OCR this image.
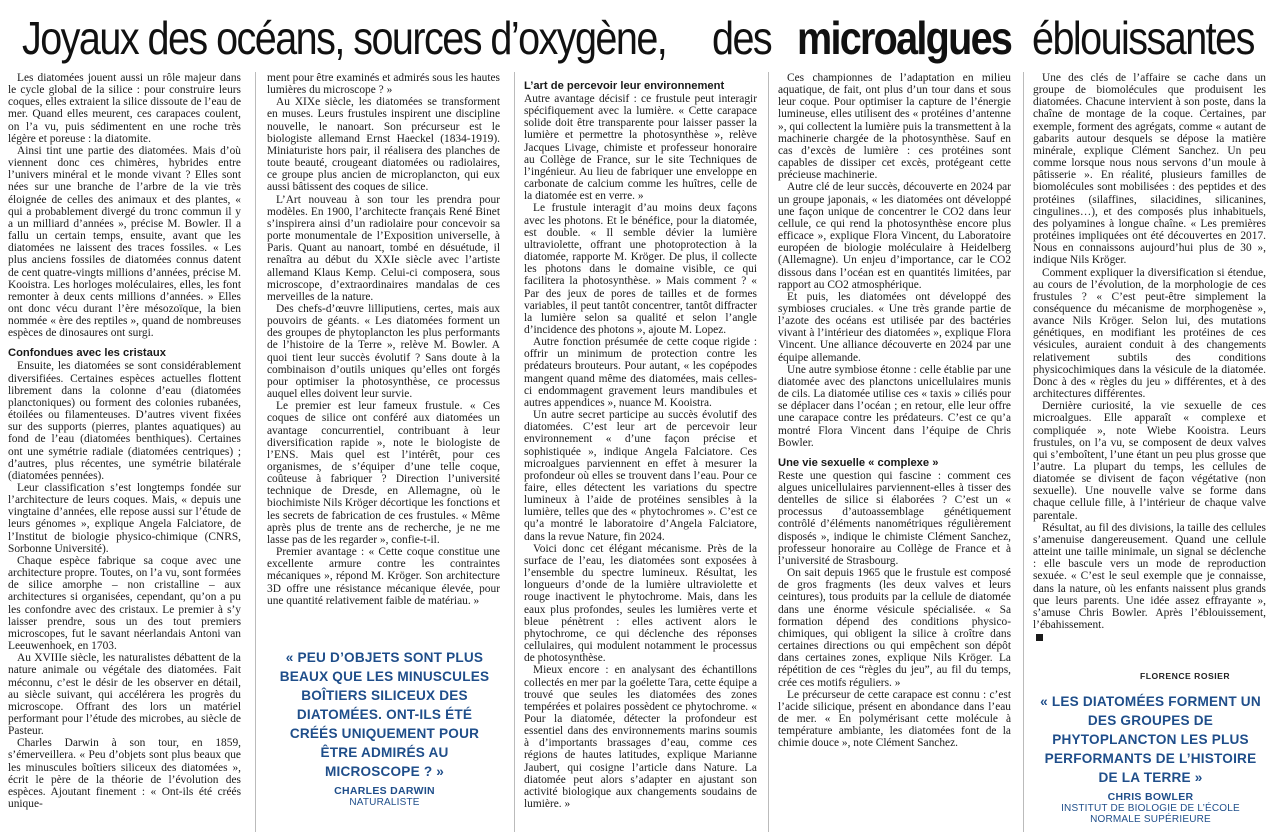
Joyaux des océans, sources d’oxygène, des microalgues éblouissantes

Les diatomées jouent aussi un rôle majeur dans le cycle global de la silice : pour construire leurs coques, elles extraient la silice dissoute de l’eau de mer. Quand elles meurent, ces carapaces coulent, on l’a vu, puis sédimentent en une roche très légère et poreuse : la diatomite.

Ainsi tint une partie des diatomées. Mais d’où viennent donc ces chimères, hybrides entre l’univers minéral et le monde vivant ? Elles sont nées sur une branche de l’arbre de la vie très éloignée de celles des animaux et des plantes, « qui a probablement divergé du tronc commun il y a un milliard d’années », précise M. Bowler. Il a fallu un certain temps, ensuite, avant que les diatomées ne laissent des traces fossiles. « Les plus anciens fossiles de diatomées connus datent de cent quatre-vingts millions d’années, précise M. Kooistra. Les horloges moléculaires, elles, les font remonter à deux cents millions d’années. » Elles ont donc vécu durant l’ère mésozoïque, la bien nommée « ère des reptiles », quand de nombreuses espèces de dinosaures ont surgi.

Confondues avec les cristaux

Ensuite, les diatomées se sont considérablement diversifiées. Certaines espèces actuelles flottent librement dans la colonne d’eau (diatomées planctoniques) ou forment des colonies rubanées, étoilées ou filamenteuses. D’autres vivent fixées sur des supports (pierres, plantes aquatiques) au fond de l’eau (diatomées benthiques). Certaines ont une symétrie radiale (diatomées centriques) ; d’autres, plus récentes, une symétrie bilatérale (diatomées pennées).

Leur classification s’est longtemps fondée sur l’architecture de leurs coques. Mais, « depuis une vingtaine d’années, elle repose aussi sur l’étude de leurs génomes », explique Angela Falciatore, de l’Institut de biologie physico-chimique (CNRS, Sorbonne Université).

Chaque espèce fabrique sa coque avec une architecture propre. Toutes, on l’a vu, sont formées de silice amorphe – non cristalline – aux architectures si organisées, cependant, qu’on a pu les confondre avec des cristaux. Le premier à s’y laisser prendre, sous un des tout premiers microscopes, fut le savant néerlandais Antoni van Leeuwenhoek, en 1703.

Au XVIIIe siècle, les naturalistes débattent de la nature animale ou végétale des diatomées. Fait méconnu, c’est le désir de les observer en détail, au siècle suivant, qui accélérera les progrès du microscope. Offrant des lors un matériel performant pour l’étude des microbes, au siècle de Pasteur.

Charles Darwin à son tour, en 1859, s’émerveillera. « Peu d’objets sont plus beaux que les minuscules boîtiers siliceux des diatomées », écrit le père de la théorie de l’évolution des espèces. Ajoutant finement : « Ont-ils été créés unique-

ment pour être examinés et admirés sous les hautes lumières du microscope ? »

Au XIXe siècle, les diatomées se transforment en muses. Leurs frustules inspirent une discipline nouvelle, le nanoart. Son précurseur est le biologiste allemand Ernst Haeckel (1834-1919). Miniaturiste hors pair, il réalisera des planches de toute beauté, crougeant diatomées ou radiolaires, ce groupe plus ancien de microplancton, qui eux aussi bâtissent des coques de silice.

L’Art nouveau à son tour les prendra pour modèles. En 1900, l’architecte français René Binet s’inspirera ainsi d’un radiolaire pour concevoir sa porte monumentale de l’Exposition universelle, à Paris. Quant au nanoart, tombé en désuétude, il renaîtra au début du XXIe siècle avec l’artiste allemand Klaus Kemp. Celui-ci composera, sous microscope, d’extraordinaires mandalas de ces merveilles de la nature.

Des chefs-d’œuvre lilliputiens, certes, mais aux pouvoirs de géants. « Les diatomées forment un des groupes de phytoplancton les plus performants de l’histoire de la Terre », relève M. Bowler. A quoi tient leur succès évolutif ? Sans doute à la combinaison d’outils uniques qu’elles ont forgés pour optimiser la photosynthèse, ce processus auquel elles doivent leur survie.

Le premier est leur fameux frustule. « Ces coques de silice ont conféré aux diatomées un avantage concurrentiel, contribuant à leur diversification rapide », note le biologiste de l’ENS. Mais quel est l’intérêt, pour ces organismes, de s’équiper d’une telle coque, coûteuse à fabriquer ? Direction l’université technique de Dresde, en Allemagne, où le biochimiste Nils Kröger décortique les fonctions et les secrets de fabrication de ces frustules. « Même après plus de trente ans de recherche, je ne me lasse pas de les regarder », confie-t-il.

Premier avantage : « Cette coque constitue une excellente armure contre les contraintes mécaniques », répond M. Kröger. Son architecture 3D offre une résistance mécanique élevée, pour une quantité relativement faible de matériau. »

« PEU D’OBJETS SONT PLUS BEAUX QUE LES MINUSCULES BOÎTIERS SILICEUX DES DIATOMÉES. ONT-ILS ÉTÉ CRÉÉS UNIQUEMENT POUR ÊTRE ADMIRÉS AU MICROSCOPE ? »
CHARLES DARWIN
NATURALISTE
L’art de percevoir leur environnement

Autre avantage décisif : ce frustule peut interagir spécifiquement avec la lumière. « Cette carapace solide doit être transparente pour laisser passer la lumière et permettre la photosynthèse », relève Jacques Livage, chimiste et professeur honoraire au Collège de France, sur le site Techniques de l’ingénieur. Au lieu de fabriquer une enveloppe en carbonate de calcium comme les huîtres, celle de la diatomée est en verre. »

Le frustule interagit d’au moins deux façons avec les photons. Et le bénéfice, pour la diatomée, est double. « Il semble dévier la lumière ultraviolette, offrant une photoprotection à la diatomée, rapporte M. Kröger. De plus, il collecte les photons dans le domaine visible, ce qui facilitera la photosynthèse. » Mais comment ? « Par des jeux de pores de tailles et de formes variables, il peut tantôt concentrer, tantôt diffracter la lumière selon sa qualité et selon l’angle d’incidence des photons », ajoute M. Lopez.

Autre fonction présumée de cette coque rigide : offrir un minimum de protection contre les prédateurs brouteurs. Pour autant, « les copépodes mangent quand même des diatomées, mais celles-ci endommagent gravement leurs mandibules et autres appendices », nuance M. Kooistra.

Un autre secret participe au succès évolutif des diatomées. C’est leur art de percevoir leur environnement « d’une façon précise et sophistiquée », indique Angela Falciatore. Ces microalgues parviennent en effet à mesurer la profondeur où elles se trouvent dans l’eau. Pour ce faire, elles détectent les variations du spectre lumineux à l’aide de protéines sensibles à la lumière, telles que des « phytochromes ». C’est ce qu’a montré le laboratoire d’Angela Falciatore, dans la revue Nature, fin 2024.

Voici donc cet élégant mécanisme. Près de la surface de l’eau, les diatomées sont exposées à l’ensemble du spectre lumineux. Résultat, les longueurs d’onde de la lumière ultraviolette et rouge inactivent le phytochrome. Mais, dans les eaux plus profondes, seules les lumières verte et bleue pénètrent : elles activent alors le phytochrome, ce qui déclenche des réponses cellulaires, qui modulent notamment le processus de photosynthèse.

Mieux encore : en analysant des échantillons collectés en mer par la goélette Tara, cette équipe a trouvé que seules les diatomées des zones tempérées et polaires possèdent ce phytochrome. « Pour la diatomée, détecter la profondeur est essentiel dans des environnements marins soumis à d’importants brassages d’eau, comme ces régions de hautes latitudes, explique Marianne Jaubert, qui cosigne l’article dans Nature. La diatomée peut alors s’adapter en ajustant son activité biologique aux changements soudains de lumière. »

Ces championnes de l’adaptation en milieu aquatique, de fait, ont plus d’un tour dans et sous leur coque. Pour optimiser la capture de l’énergie lumineuse, elles utilisent des « protéines d’antenne », qui collectent la lumière puis la transmettent à la machinerie chargée de la photosynthèse. Sauf en cas d’excès de lumière : ces protéines sont capables de dissiper cet excès, protégeant cette précieuse machinerie.

Autre clé de leur succès, découverte en 2024 par un groupe japonais, « les diatomées ont développé une façon unique de concentrer le CO2 dans leur cellule, ce qui rend la photosynthèse encore plus efficace », explique Flora Vincent, du Laboratoire européen de biologie moléculaire à Heidelberg (Allemagne). Un enjeu d’importance, car le CO2 dissous dans l’océan est en quantités limitées, par rapport au CO2 atmosphérique.

Et puis, les diatomées ont développé des symbioses cruciales. « Une très grande partie de l’azote des océans est utilisée par des bactéries vivant à l’intérieur des diatomées », explique Flora Vincent. Une alliance découverte en 2024 par une équipe allemande.

Une autre symbiose étonne : celle établie par une diatomée avec des planctons unicellulaires munis de cils. La diatomée utilise ces « taxis » ciliés pour se déplacer dans l’océan ; en retour, elle leur offre une carapace contre les prédateurs. C’est ce qu’a montré Flora Vincent dans l’équipe de Chris Bowler.

Une vie sexuelle « complexe »

Reste une question qui fascine : comment ces algues unicellulaires parviennent-elles à tisser des dentelles de silice si élaborées ? C’est un « processus d’autoassemblage génétiquement contrôlé d’éléments nanométriques régulièrement disposés », indique le chimiste Clément Sanchez, professeur honoraire au Collège de France et à l’université de Strasbourg.

On sait depuis 1965 que le frustule est composé de gros fragments (les deux valves et leurs ceintures), tous produits par la cellule de diatomée dans une énorme vésicule spécialisée. « Sa formation dépend des conditions physico-chimiques, qui obligent la silice à croître dans certaines directions ou qui empêchent son dépôt dans certaines zones, explique Nils Kröger. La répétition de ces “règles du jeu”, au fil du temps, crée ces motifs réguliers. »

Le précurseur de cette carapace est connu : c’est l’acide silicique, présent en abondance dans l’eau de mer. « En polymérisant cette molécule à température ambiante, les diatomées font de la chimie douce », note Clément Sanchez.

Une des clés de l’affaire se cache dans un groupe de biomolécules que produisent les diatomées. Chacune intervient à son poste, dans la chaîne de montage de la coque. Certaines, par exemple, forment des agrégats, comme « autant de gabarits autour desquels se dépose la matière minérale, explique Clément Sanchez. Un peu comme lorsque nous nous servons d’un moule à pâtisserie ». En réalité, plusieurs familles de biomolécules sont mobilisées : des peptides et des protéines (silaffines, silacidines, silicanines, cingulines…), et des composés plus inhabituels, des polyamines à longue chaîne. « Les premières protéines impliquées ont été découvertes en 2017. Nous en connaissons aujourd’hui plus de 30 », indique Nils Kröger.

Comment expliquer la diversification si étendue, au cours de l’évolution, de la morphologie de ces frustules ? « C’est peut-être simplement la conséquence du mécanisme de morphogenèse », avance Nils Kröger. Selon lui, des mutations génétiques, en modifiant les protéines de ces vésicules, auraient conduit à des changements relativement subtils des conditions physicochimiques dans la vésicule de la diatomée. Donc à des « règles du jeu » différentes, et à des architectures différentes.

Dernière curiosité, la vie sexuelle de ces microalgues. Elle apparaît « complexe et compliquée », note Wiebe Kooistra. Leurs frustules, on l’a vu, se composent de deux valves qui s’emboîtent, l’une étant un peu plus grosse que l’autre. La plupart du temps, les cellules de diatomée se divisent de façon végétative (non sexuelle). Une nouvelle valve se forme dans chaque cellule fille, à l’intérieur de chaque valve parentale.

Résultat, au fil des divisions, la taille des cellules s’amenuise dangereusement. Quand une cellule atteint une taille minimale, un signal se déclenche : elle bascule vers un mode de reproduction sexuée. « C’est le seul exemple que je connaisse, dans la nature, où les enfants naissent plus grands que leurs parents. Une idée assez effrayante », s’amuse Chris Bowler. Après l’éblouissement, l’ébahissement.

FLORENCE ROSIER
« LES DIATOMÉES FORMENT UN DES GROUPES DE PHYTOPLANCTON LES PLUS PERFORMANTS DE L’HISTOIRE DE LA TERRE »
CHRIS BOWLER
INSTITUT DE BIOLOGIE DE L’ÉCOLE NORMALE SUPÉRIEURE
